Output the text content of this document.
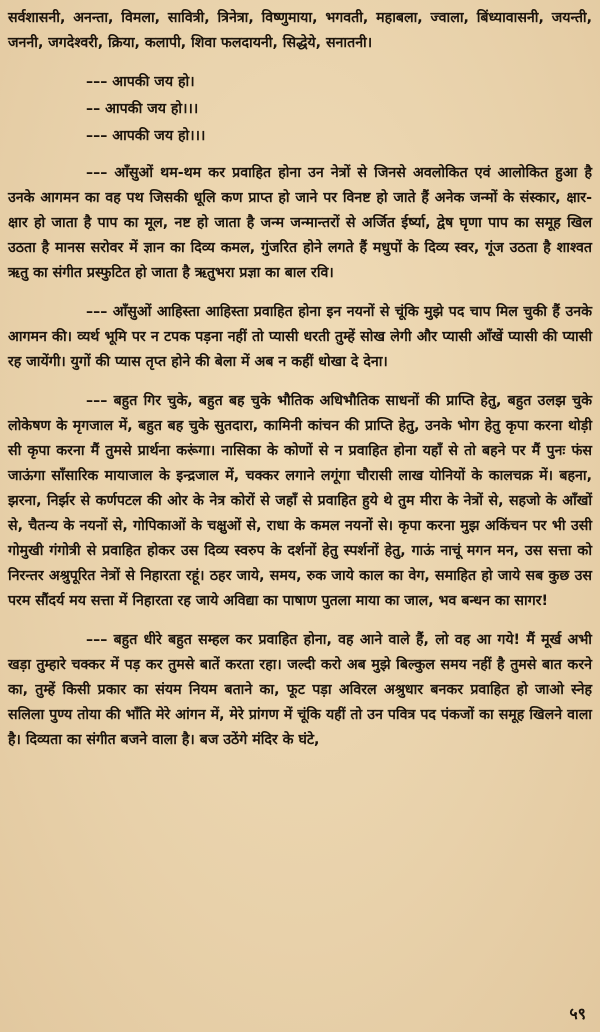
सर्वशासनी, अनन्ता, विमला, सावित्री, त्रिनेत्रा, विष्णुमाया, भगवती, महाबला, ज्वाला, बिंध्यावासनी, जयन्ती, जननी, जगदेश्वरी, क्रिया, कलापी, शिवा फलदायनी, सिद्धेये, सनातनी।

––– आपकी जय हो।
–– आपकी जय हो।।।
––– आपकी जय हो।।।

––– आँसुओं थम-थम कर प्रवाहित होना उन नेत्रों से जिनसे अवलोकित एवं आलोकित हुआ है उनके आगमन का वह पथ जिसकी धूलि कण प्राप्त हो जाने पर विनष्ट हो जाते हैं अनेक जन्मों के संस्कार, क्षार-क्षार हो जाता है पाप का मूल, नष्ट हो जाता है जन्म जन्मान्तरों से अर्जित ईर्ष्या, द्वेष घृणा पाप का समूह खिल उठता है मानस सरोवर में ज्ञान का दिव्य कमल, गुंजरित होने लगते हैं मधुपों के दिव्य स्वर, गूंज उठता है शाश्वत ऋतु का संगीत प्रस्फुटित हो जाता है ऋतुभरा प्रज्ञा का बाल रवि।

––– आँसुओं आहिस्ता आहिस्ता प्रवाहित होना इन नयनों से चूंकि मुझे पद चाप मिल चुकी हैं उनके आगमन की। व्यर्थ भूमि पर न टपक पड़ना नहीं तो प्यासी धरती तुम्हें सोख लेगी और प्यासी आँखें प्यासी की प्यासी रह जायेंगी। युगों की प्यास तृप्त होने की बेला में अब न कहीं धोखा दे देना।

––– बहुत गिर चुके, बहुत बह चुके भौतिक अधिभौतिक साधनों की प्राप्ति हेतु, बहुत उलझ चुके लोकेषण के मृगजाल में, बहुत बह चुके सुतदारा, कामिनी कांचन की प्राप्ति हेतु, उनके भोग हेतु कृपा करना थोड़ी सी कृपा करना मैं तुमसे प्रार्थना करूंगा। नासिका के कोणों से न प्रवाहित होना यहाँ से तो बहने पर मैं पुनः फंस जाऊंगा साँसारिक मायाजाल के इन्द्रजाल में, चक्कर लगाने लगूंगा चौरासी लाख योनियों के कालचक्र में। बहना, झरना, निर्झर से कर्णपटल की ओर के नेत्र कोरों से जहाँ से प्रवाहित हुये थे तुम मीरा के नेत्रों से, सहजो के आँखों से, चैतन्य के नयनों से, गोपिकाओं के चक्षुओं से, राधा के कमल नयनों से। कृपा करना मुझ अकिंचन पर भी उसी गोमुखी गंगोत्री से प्रवाहित होकर उस दिव्य स्वरुप के दर्शनों हेतु स्पर्शनों हेतु, गाऊं नाचूं मगन मन, उस सत्ता को निरन्तर अश्रुपूरित नेत्रों से निहारता रहूं। ठहर जाये, समय, रुक जाये काल का वेग, समाहित हो जाये सब कुछ उस परम सौंदर्य मय सत्ता में निहारता रह जाये अविद्या का पाषाण पुतला माया का जाल, भव बन्धन का सागर!

––– बहुत धीरे बहुत सम्हल कर प्रवाहित होना, वह आने वाले हैं, लो वह आ गये! मैं मूर्ख अभी खड़ा तुम्हारे चक्कर में पड़ कर तुमसे बातें करता रहा। जल्दी करो अब मुझे बिल्कुल समय नहीं है तुमसे बात करने का, तुम्हें किसी प्रकार का संयम नियम बताने का, फूट पड़ा अविरल अश्रुधार बनकर प्रवाहित हो जाओ स्नेह सलिला पुण्य तोया की भाँति मेरे आंगन में, मेरे प्रांगण में चूंकि यहीं तो उन पवित्र पद पंकजों का समूह खिलने वाला है। दिव्यता का संगीत बजने वाला है। बज उठेंगे मंदिर के घंटे,

५९
